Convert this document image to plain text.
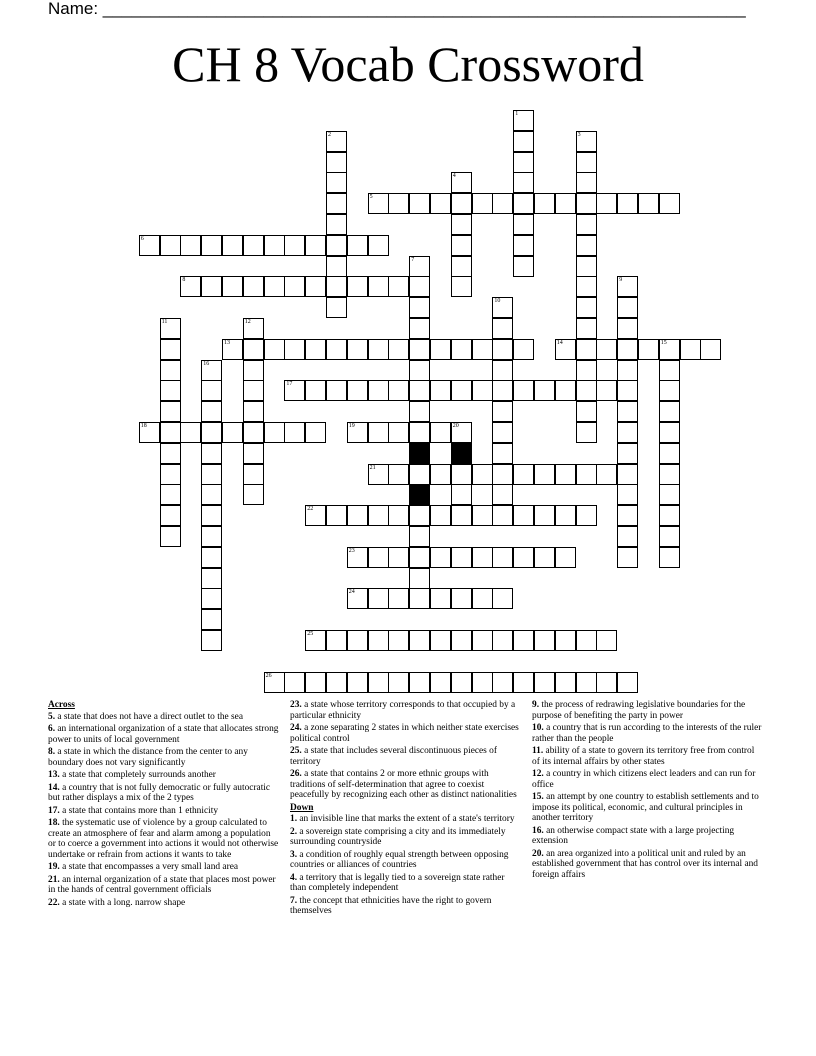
Name: ____________________________________________________________________
CH 8 Vocab Crossword
1
2	3
4
5
6
7
8	9
10
11	12
13	14	15
16
17
18	19	20
21
22
23
24
25
26
Across
5. a state that does not have a direct outlet to the sea
6. an international organization of a state that allocates strong power to units of local government
8. a state in which the distance from the center to any boundary does not vary significantly
13. a state that completely surrounds another
14. a country that is not fully democratic or fully autocratic but rather displays a mix of the 2 types
17. a state that contains more than 1 ethnicity
18. the systematic use of violence by a group calculated to create an atmosphere of fear and alarm among a population or to coerce a government into actions it would not otherwise undertake or refrain from actions it wants to take
19. a state that encompasses a very small land area
21. an internal organization of a state that places most power in the hands of central government officials
22. a state with a long. narrow shape
23. a state whose territory corresponds to that occupied by a particular ethnicity
24. a zone separating 2 states in which neither state exercises political control
25. a state that includes several discontinuous pieces of territory
26. a state that contains 2 or more ethnic groups with traditions of self-determination that agree to coexist peacefully by recognizing each other as distinct nationalities
Down
1. an invisible line that marks the extent of a state's territory
2. a sovereign state comprising a city and its immediately surrounding countryside
3. a condition of roughly equal strength between opposing countries or alliances of countries
4. a territory that is legally tied to a sovereign state rather than completely independent
7. the concept that ethnicities have the right to govern themselves
9. the process of redrawing legislative boundaries for the purpose of benefiting the party in power
10. a country that is run according to the interests of the ruler rather than the people
11. ability of a state to govern its territory free from control of its internal affairs by other states
12. a country in which citizens elect leaders and can run for office
15. an attempt by one country to establish settlements and to impose its political, economic, and cultural principles in another territory
16. an otherwise compact state with a large projecting extension
20. an area organized into a political unit and ruled by an established government that has control over its internal and foreign affairs
